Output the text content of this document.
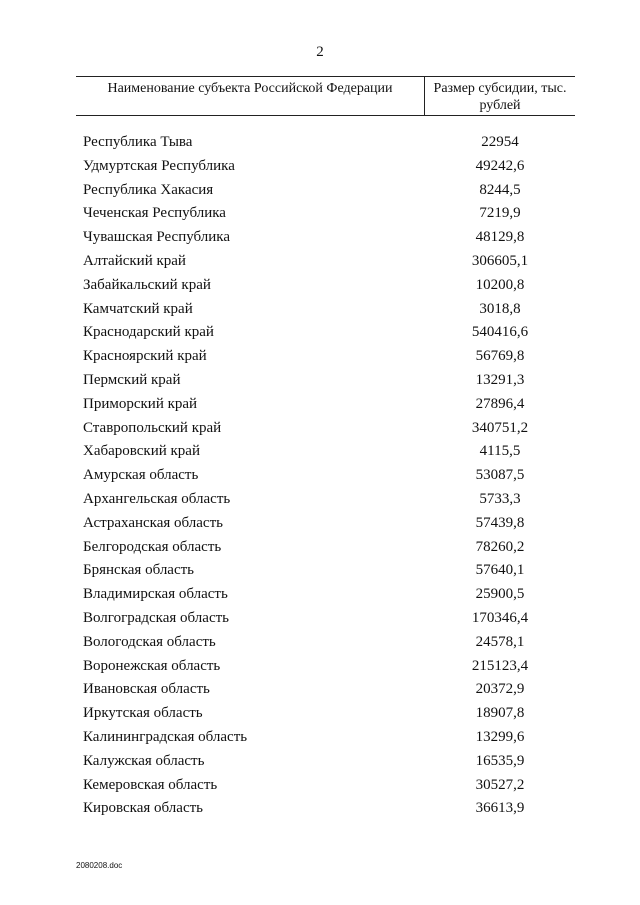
2
Наименование субъекта Российской Федерации	Размер субсидии, тыс. рублей
Республика Тыва	22954
Удмуртская Республика	49242,6
Республика Хакасия	8244,5
Чеченская Республика	7219,9
Чувашская Республика	48129,8
Алтайский край	306605,1
Забайкальский край	10200,8
Камчатский край	3018,8
Краснодарский край	540416,6
Красноярский край	56769,8
Пермский край	13291,3
Приморский край	27896,4
Ставропольский край	340751,2
Хабаровский край	4115,5
Амурская область	53087,5
Архангельская область	5733,3
Астраханская область	57439,8
Белгородская область	78260,2
Брянская область	57640,1
Владимирская область	25900,5
Волгоградская область	170346,4
Вологодская область	24578,1
Воронежская область	215123,4
Ивановская область	20372,9
Иркутская область	18907,8
Калининградская область	13299,6
Калужская область	16535,9
Кемеровская область	30527,2
Кировская область	36613,9
2080208.doc
